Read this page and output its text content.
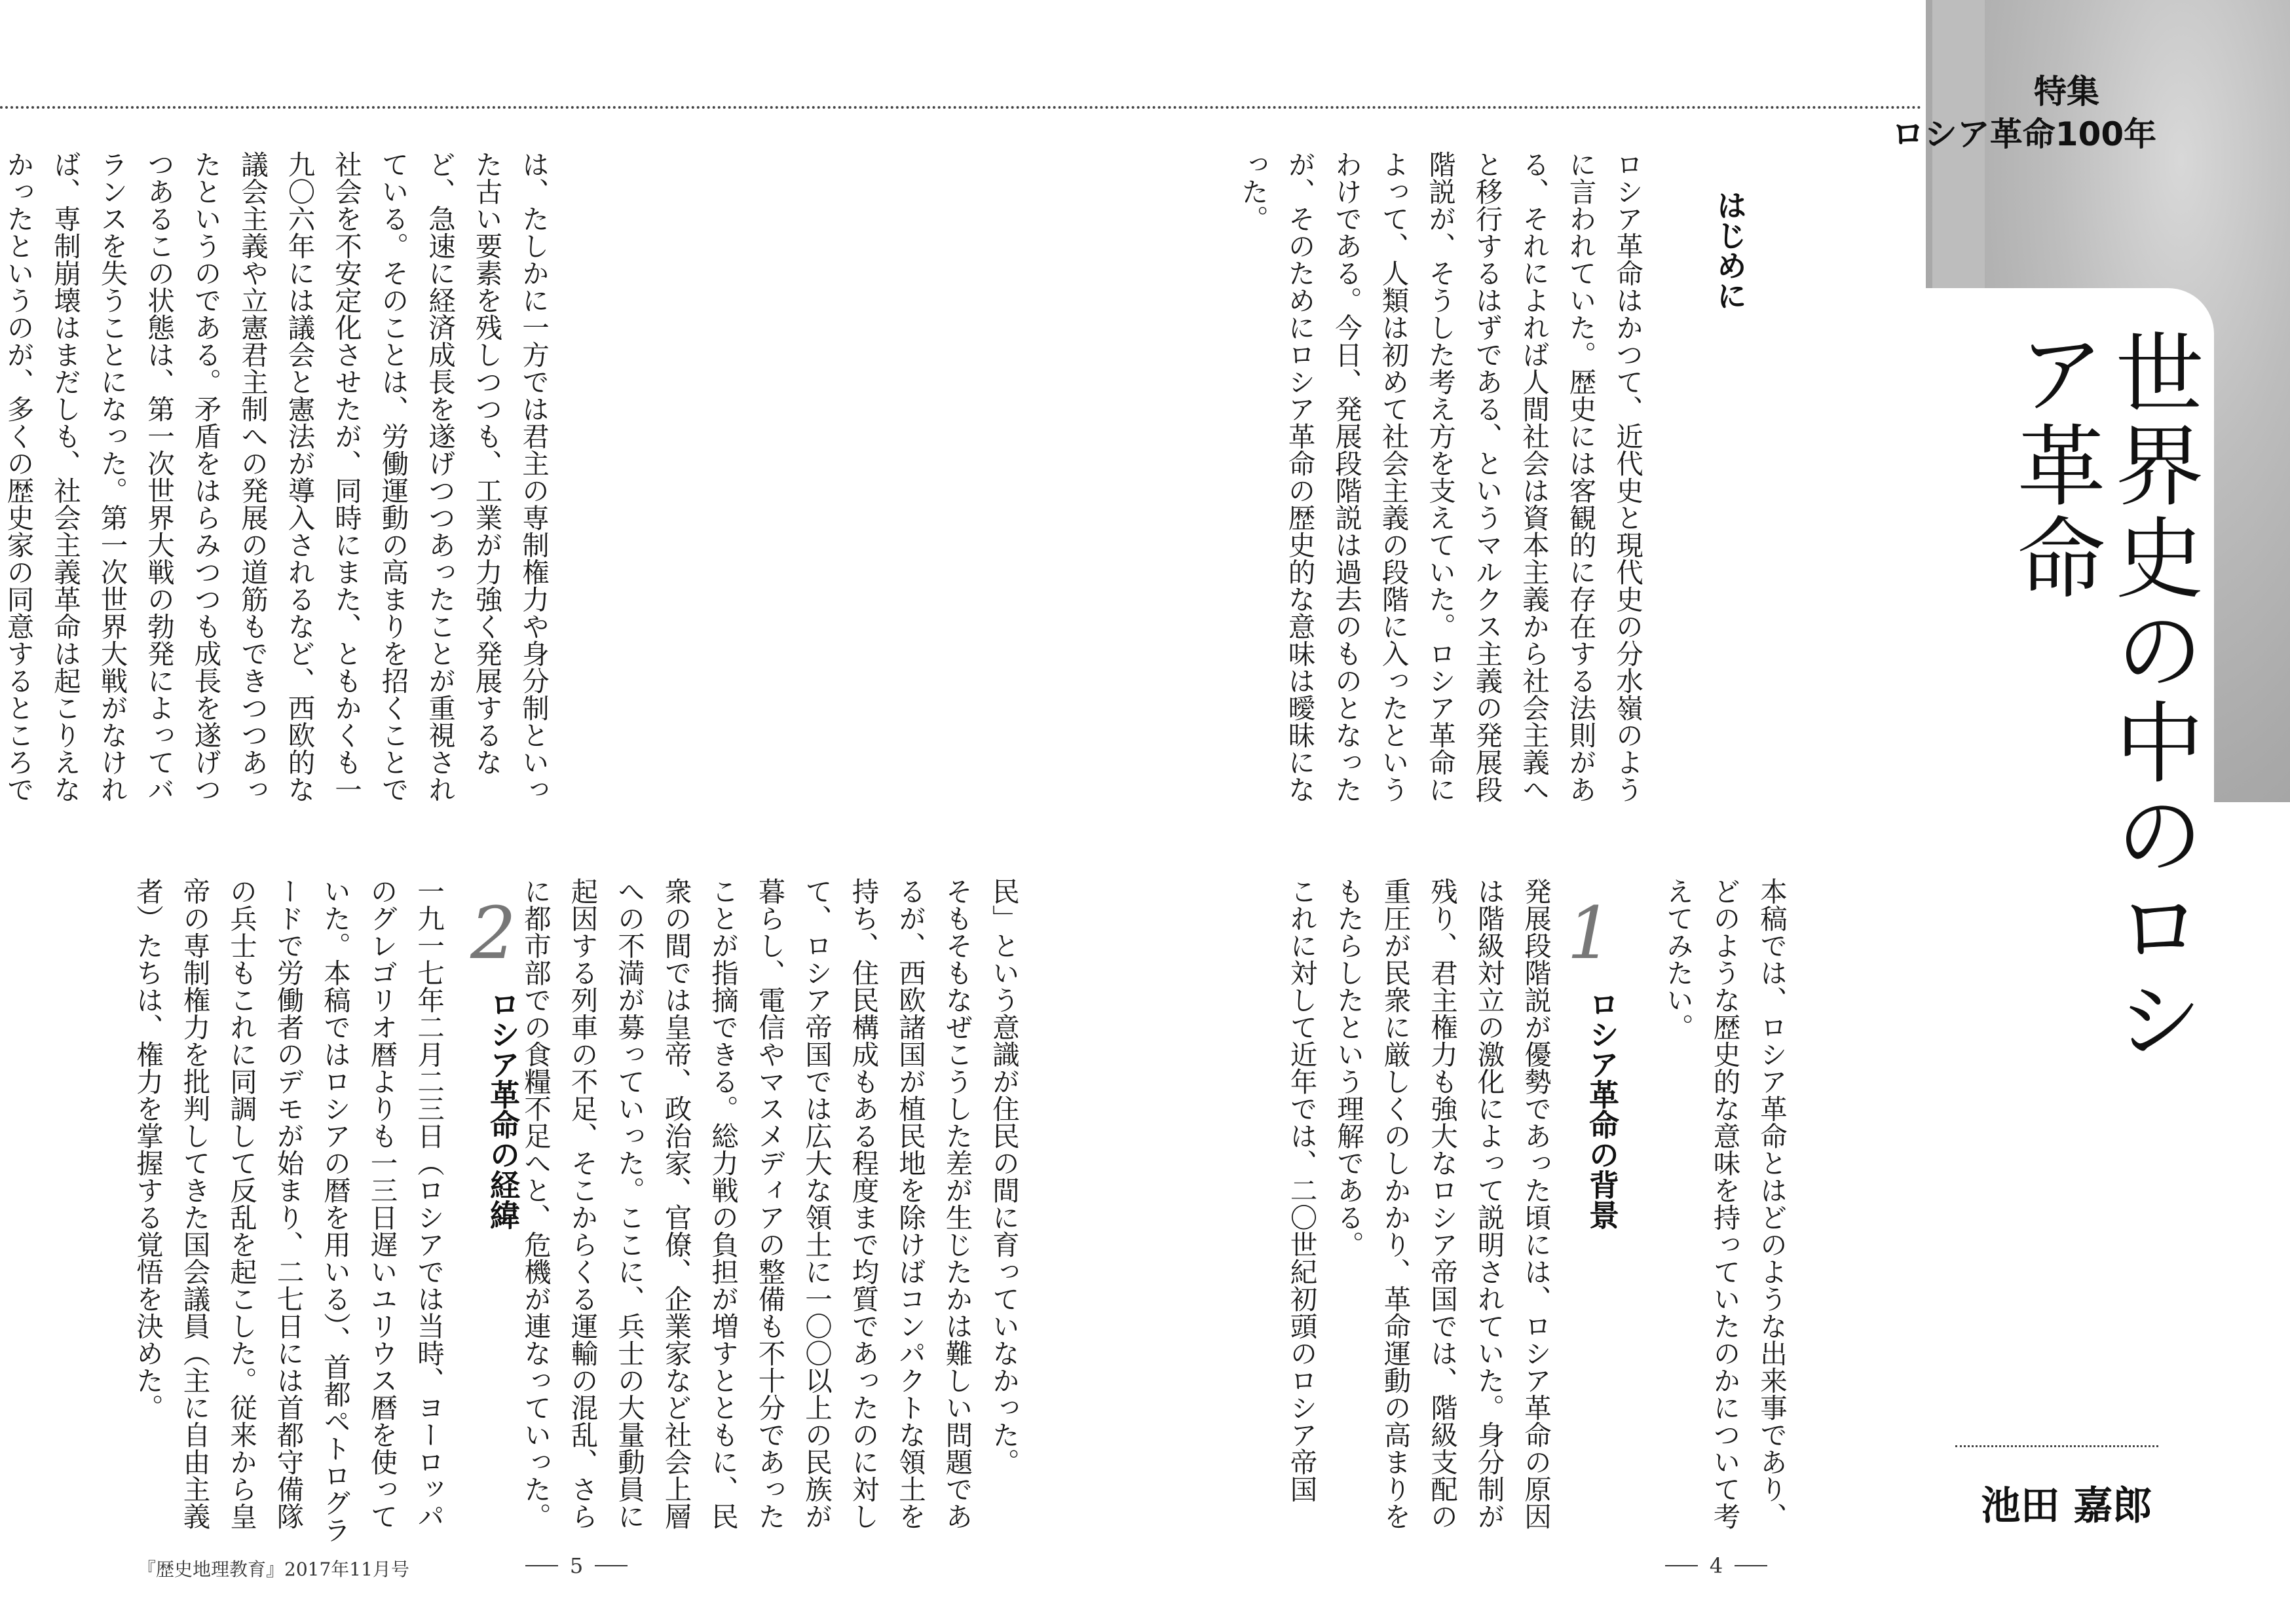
特集
ロシア革命100年
世界史の中のロシア革命
池田 嘉郎
はじめに
ロシア革命はかつて、近代史と現代史の分水嶺のように言われていた。歴史には客観的に存在する法則がある、それによれば人間社会は資本主義から社会主義へと移行するはずである、というマルクス主義の発展段階説が、そうした考え方を支えていた。ロシア革命によって、人類は初めて社会主義の段階に入ったというわけである。今日、発展段階説は過去のものとなったが、そのためにロシア革命の歴史的な意味は曖昧になった。
本稿では、ロシア革命とはどのような出来事であり、どのような歴史的な意味を持っていたのかについて考えてみたい。
1
ロシア革命の背景
発展段階説が優勢であった頃には、ロシア革命の原因は階級対立の激化によって説明されていた。身分制が残り、君主権力も強大なロシア帝国では、階級支配の重圧が民衆に厳しくのしかかり、革命運動の高まりをもたらしたという理解である。
これに対して近年では、二〇世紀初頭のロシア帝国
は、たしかに一方では君主の専制権力や身分制といった古い要素を残しつつも、工業が力強く発展するなど、急速に経済成長を遂げつつあったことが重視されている。そのことは、労働運動の高まりを招くことで社会を不安定化させたが、同時にまた、ともかくも一九〇六年には議会と憲法が導入されるなど、西欧的な議会主義や立憲君主制への発展の道筋もできつつあったというのである。矛盾をはらみつつも成長を遂げつつあるこの状態は、第一次世界大戦の勃発によってバランスを失うことになった。第一次世界大戦がなければ、専制崩壊はまだしも、社会主義革命は起こりえなかったというのが、多くの歴史家の同意するところで

民」という意識が住民の間に育っていなかった。
そもそもなぜこうした差が生じたかは難しい問題であるが、西欧諸国が植民地を除けばコンパクトな領土を持ち、住民構成もある程度まで均質であったのに対して、ロシア帝国では広大な領土に一〇〇以上の民族が暮らし、電信やマスメディアの整備も不十分であったことが指摘できる。総力戦の負担が増すとともに、民衆の間では皇帝、政治家、官僚、企業家など社会上層への不満が募っていった。ここに、兵士の大量動員に起因する列車の不足、そこからくる運輸の混乱、さらに都市部での食糧不足へと、危機が連なっていった。
2
ロシア革命の経緯
一九一七年二月二三日（ロシアでは当時、ヨーロッパのグレゴリオ暦よりも一三日遅いユリウス暦を使っていた。本稿ではロシアの暦を用いる）、首都ペトログラードで労働者のデモが始まり、二七日には首都守備隊の兵士もこれに同調して反乱を起こした。従来から皇帝の専制権力を批判してきた国会議員（主に自由主義者）たちは、権力を掌握する覚悟を決めた。
『歴史地理教育』2017年11月号	5	4
